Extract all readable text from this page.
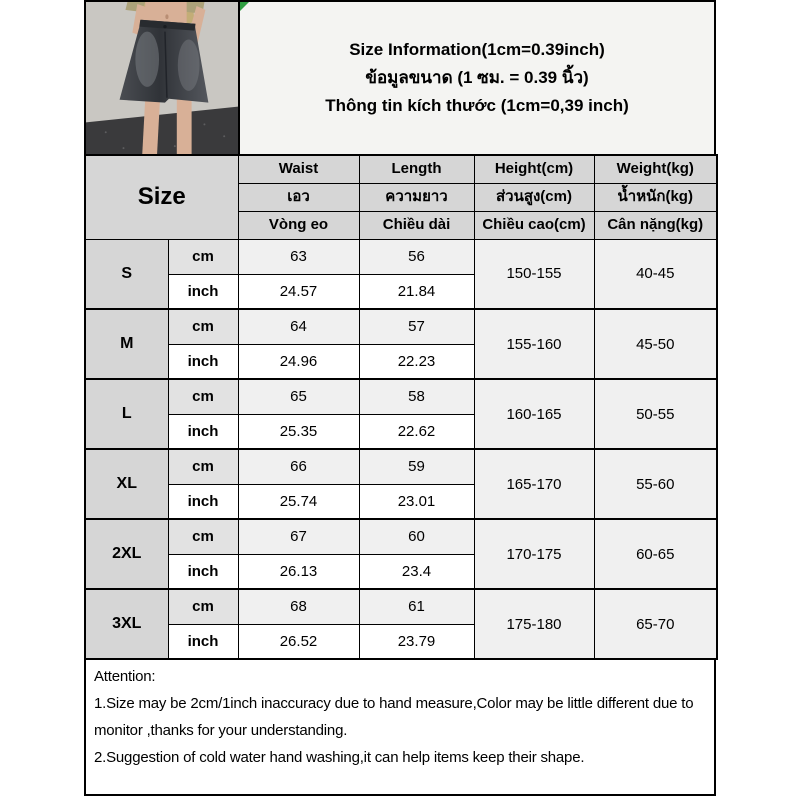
Size Information(1cm=0.39inch)
ข้อมูลขนาด (1 ซม. = 0.39 นิ้ว)
Thông tin kích thước (1cm=0,39 inch)
Size		Waist	Length	Height(cm)	Weight(kg)
		เอว	ความยาว	ส่วนสูง(cm)	น้ำหนัก(kg)
		Vòng eo	Chiều dài	Chiều cao(cm)	Cân nặng(kg)
S	cm	63	56	150-155	40-45
	inch	24.57	21.84		
M	cm	64	57	155-160	45-50
	inch	24.96	22.23		
L	cm	65	58	160-165	50-55
	inch	25.35	22.62		
XL	cm	66	59	165-170	55-60
	inch	25.74	23.01		
2XL	cm	67	60	170-175	60-65
	inch	26.13	23.4		
3XL	cm	68	61	175-180	65-70
	inch	26.52	23.79		
Attention:
1.Size may be 2cm/1inch inaccuracy due to hand measure,Color may be little different due to monitor ,thanks for your understanding.
2.Suggestion of cold water hand washing,it can help items keep their shape.
